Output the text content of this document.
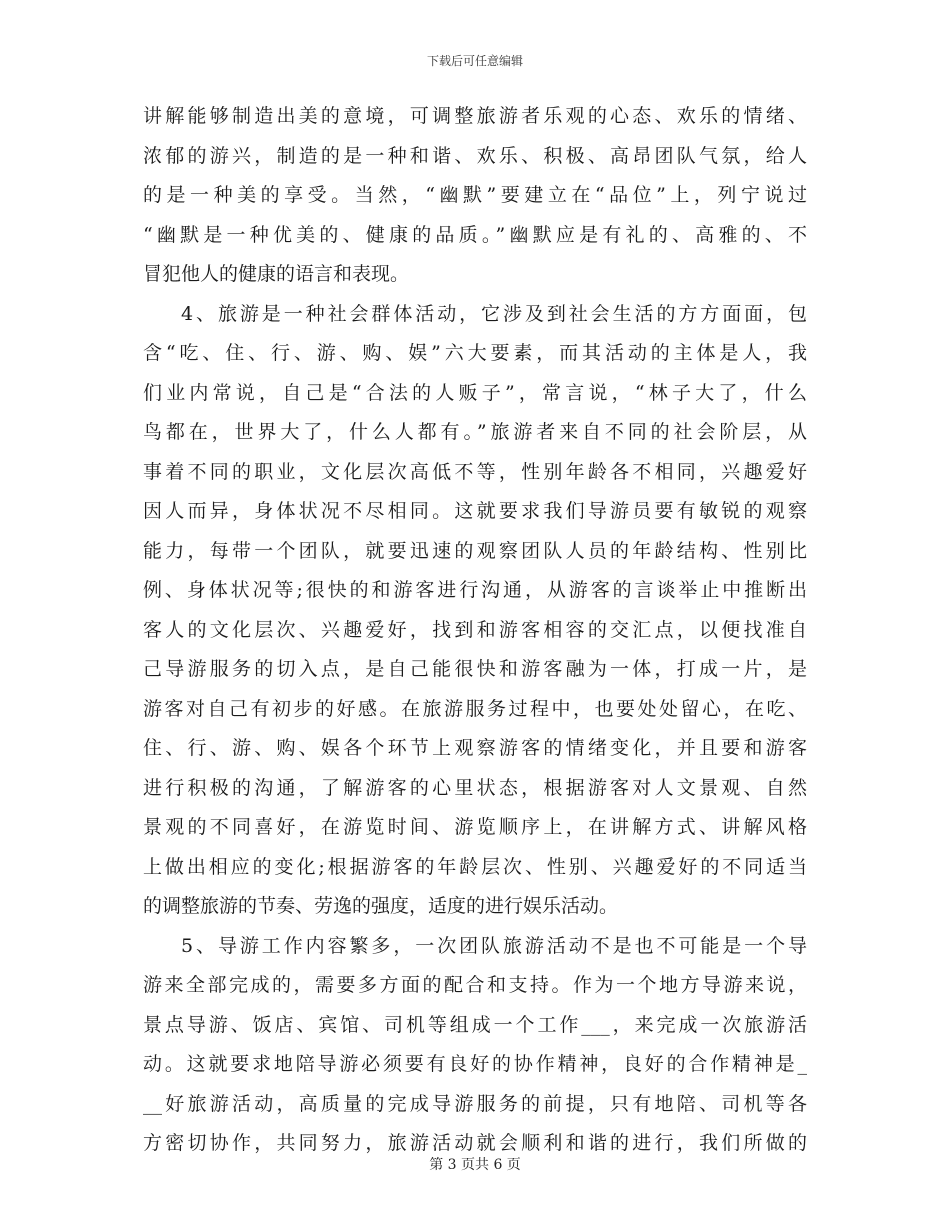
下载后可任意编辑
讲解能够制造出美的意境，可调整旅游者乐观的心态、欢乐的情绪、
浓郁的游兴，制造的是一种和谐、欢乐、积极、高昂团队气氛，给人
的是一种美的享受。当然，“幽默”要建立在“品位”上，列宁说过
“幽默是一种优美的、健康的品质。”幽默应是有礼的、高雅的、不
冒犯他人的健康的语言和表现。
4、旅游是一种社会群体活动，它涉及到社会生活的方方面面，包
含“吃、住、行、游、购、娱”六大要素，而其活动的主体是人，我
们业内常说，自己是“合法的人贩子”，常言说，“林子大了，什么
鸟都在，世界大了，什么人都有。”旅游者来自不同的社会阶层，从
事着不同的职业，文化层次高低不等，性别年龄各不相同，兴趣爱好
因人而异，身体状况不尽相同。这就要求我们导游员要有敏锐的观察
能力，每带一个团队，就要迅速的观察团队人员的年龄结构、性别比
例、身体状况等;很快的和游客进行沟通，从游客的言谈举止中推断出
客人的文化层次、兴趣爱好，找到和游客相容的交汇点，以便找准自
己导游服务的切入点，是自己能很快和游客融为一体，打成一片，是
游客对自己有初步的好感。在旅游服务过程中，也要处处留心，在吃、
住、行、游、购、娱各个环节上观察游客的情绪变化，并且要和游客
进行积极的沟通，了解游客的心里状态，根据游客对人文景观、自然
景观的不同喜好，在游览时间、游览顺序上，在讲解方式、讲解风格
上做出相应的变化;根据游客的年龄层次、性别、兴趣爱好的不同适当
的调整旅游的节奏、劳逸的强度，适度的进行娱乐活动。
5、导游工作内容繁多，一次团队旅游活动不是也不可能是一个导
游来全部完成的，需要多方面的配合和支持。作为一个地方导游来说，
景点导游、饭店、宾馆、司机等组成一个工作___，来完成一次旅游活
动。这就要求地陪导游必须要有良好的协作精神，良好的合作精神是_
__好旅游活动，高质量的完成导游服务的前提，只有地陪、司机等各
方密切协作，共同努力，旅游活动就会顺利和谐的进行，我们所做的
第 3 页共 6 页
